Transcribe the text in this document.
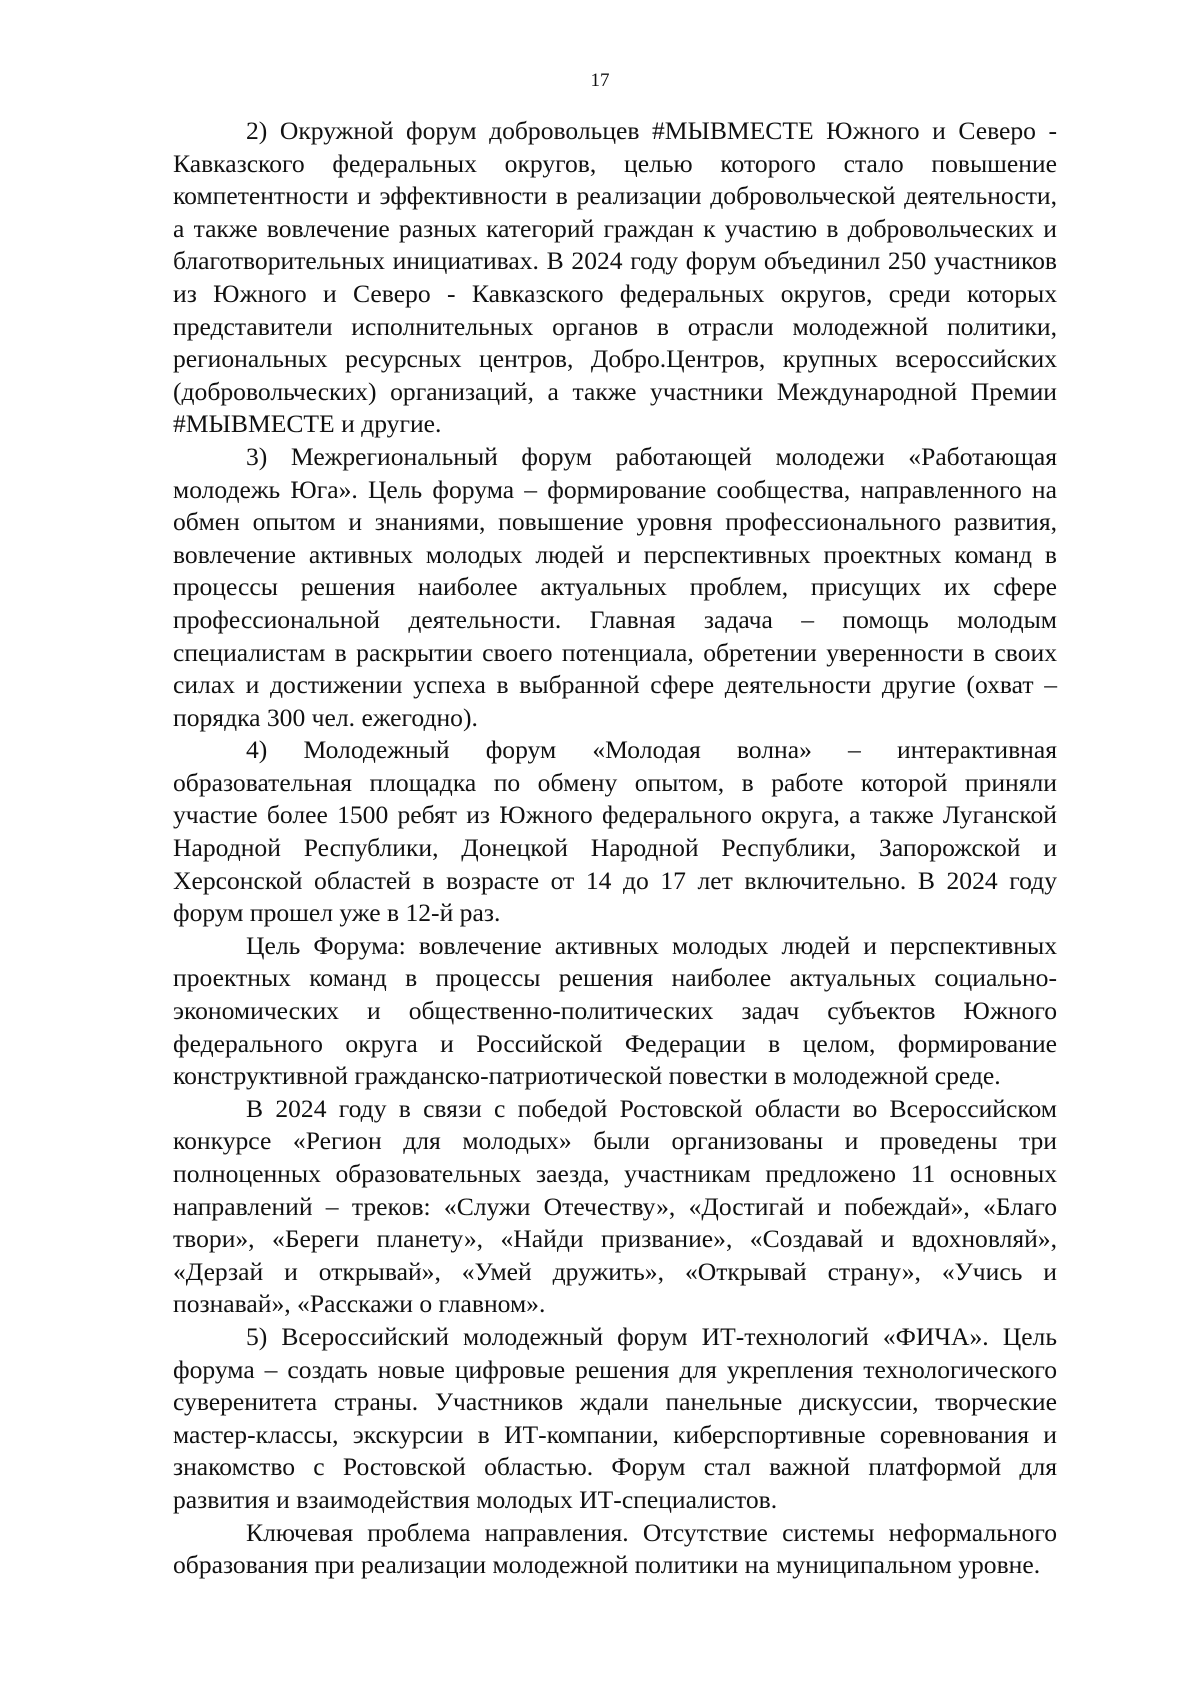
17

2) Окружной форум добровольцев #МЫВМЕСТЕ Южного и Северо - Кавказского федеральных округов, целью которого стало повышение компетентности и эффективности в реализации добровольческой деятельности, а также вовлечение разных категорий граждан к участию в добровольческих и благотворительных инициативах. В 2024 году форум объединил 250 участников из Южного и Северо - Кавказского федеральных округов, среди которых представители исполнительных органов в отрасли молодежной политики, региональных ресурсных центров, Добро.Центров, крупных всероссийских (добровольческих) организаций, а также участники Международной Премии #МЫВМЕСТЕ и другие.

3) Межрегиональный форум работающей молодежи «Работающая молодежь Юга». Цель форума – формирование сообщества, направленного на обмен опытом и знаниями, повышение уровня профессионального развития, вовлечение активных молодых людей и перспективных проектных команд в процессы решения наиболее актуальных проблем, присущих их сфере профессиональной деятельности. Главная задача – помощь молодым специалистам в раскрытии своего потенциала, обретении уверенности в своих силах и достижении успеха в выбранной сфере деятельности другие (охват – порядка 300 чел. ежегодно).

4) Молодежный форум «Молодая волна» – интерактивная образовательная площадка по обмену опытом, в работе которой приняли участие более 1500 ребят из Южного федерального округа, а также Луганской Народной Республики, Донецкой Народной Республики, Запорожской и Херсонской областей в возрасте от 14 до 17 лет включительно. В 2024 году форум прошел уже в 12-й раз.

Цель Форума: вовлечение активных молодых людей и перспективных проектных команд в процессы решения наиболее актуальных социально-экономических и общественно-политических задач субъектов Южного федерального округа и Российской Федерации в целом, формирование конструктивной гражданско-патриотической повестки в молодежной среде.

В 2024 году в связи с победой Ростовской области во Всероссийском конкурсе «Регион для молодых» были организованы и проведены три полноценных образовательных заезда, участникам предложено 11 основных направлений – треков: «Служи Отечеству», «Достигай и побеждай», «Благо твори», «Береги планету», «Найди призвание», «Создавай и вдохновляй», «Дерзай и открывай», «Умей дружить», «Открывай страну», «Учись и познавай», «Расскажи о главном».

5) Всероссийский молодежный форум ИТ-технологий «ФИЧА». Цель форума – создать новые цифровые решения для укрепления технологического суверенитета страны. Участников ждали панельные дискуссии, творческие мастер-классы, экскурсии в ИТ-компании, киберспортивные соревнования и знакомство с Ростовской областью. Форум стал важной платформой для развития и взаимодействия молодых ИТ-специалистов.

Ключевая проблема направления. Отсутствие системы неформального образования при реализации молодежной политики на муниципальном уровне.
